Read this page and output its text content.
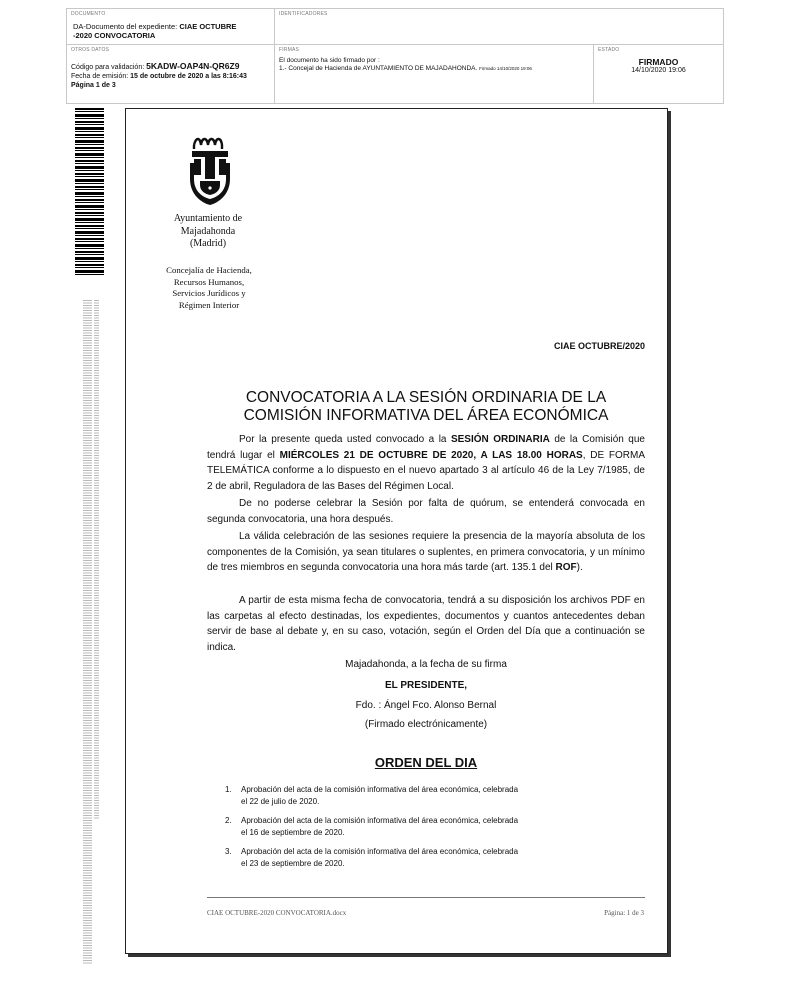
DOCUMENTO
DA-Documento del expediente: CIAE OCTUBRE
-2020 CONVOCATORIA
IDENTIFICADORES
OTROS DATOS
Código para validación: 5KADW-OAP4N-QR6Z9
Fecha de emisión: 15 de octubre de 2020 a las 8:16:43
Página 1 de 3
FIRMAS
El documento ha sido firmado por :
1.- Concejal de Hacienda de AYUNTAMIENTO DE MAJADAHONDA. Firmado 14/10/2020 19:06
ESTADO
FIRMADO
14/10/2020 19:06
Ayuntamiento de
Majadahonda
(Madrid)
Concejalía de Hacienda,
Recursos Humanos,
Servicios Jurídicos y
Régimen Interior
CIAE OCTUBRE/2020
CONVOCATORIA A LA SESIÓN ORDINARIA DE LA
COMISIÓN INFORMATIVA DEL ÁREA ECONÓMICA
Por la presente queda usted convocado a la SESIÓN ORDINARIA de la Comisión que tendrá lugar el MIÉRCOLES 21 DE OCTUBRE DE 2020, A LAS 18.00 HORAS, DE FORMA TELEMÁTICA conforme a lo dispuesto en el nuevo apartado 3 al artículo 46 de la Ley 7/1985, de 2 de abril, Reguladora de las Bases del Régimen Local.
De no poderse celebrar la Sesión por falta de quórum, se entenderá convocada en segunda convocatoria, una hora después.
La válida celebración de las sesiones requiere la presencia de la mayoría absoluta de los componentes de la Comisión, ya sean titulares o suplentes, en primera convocatoria, y un mínimo de tres miembros en segunda convocatoria una hora más tarde (art. 135.1 del ROF).
A partir de esta misma fecha de convocatoria, tendrá a su disposición los archivos PDF en las carpetas al efecto destinadas, los expedientes, documentos y cuantos antecedentes deban servir de base al debate y, en su caso, votación, según el Orden del Día que a continuación se indica.
Majadahonda, a la fecha de su firma
EL PRESIDENTE,
Fdo. : Ángel Fco. Alonso Bernal
(Firmado electrónicamente)
ORDEN DEL DIA
1. Aprobación del acta de la comisión informativa del área económica, celebrada
el 22 de julio de 2020.
2. Aprobación del acta de la comisión informativa del área económica, celebrada
el 16 de septiembre de 2020.
3. Aprobación del acta de la comisión informativa del área económica, celebrada
el 23 de septiembre de 2020.
CIAE OCTUBRE-2020 CONVOCATORIA.docx	Página: 1 de 3
